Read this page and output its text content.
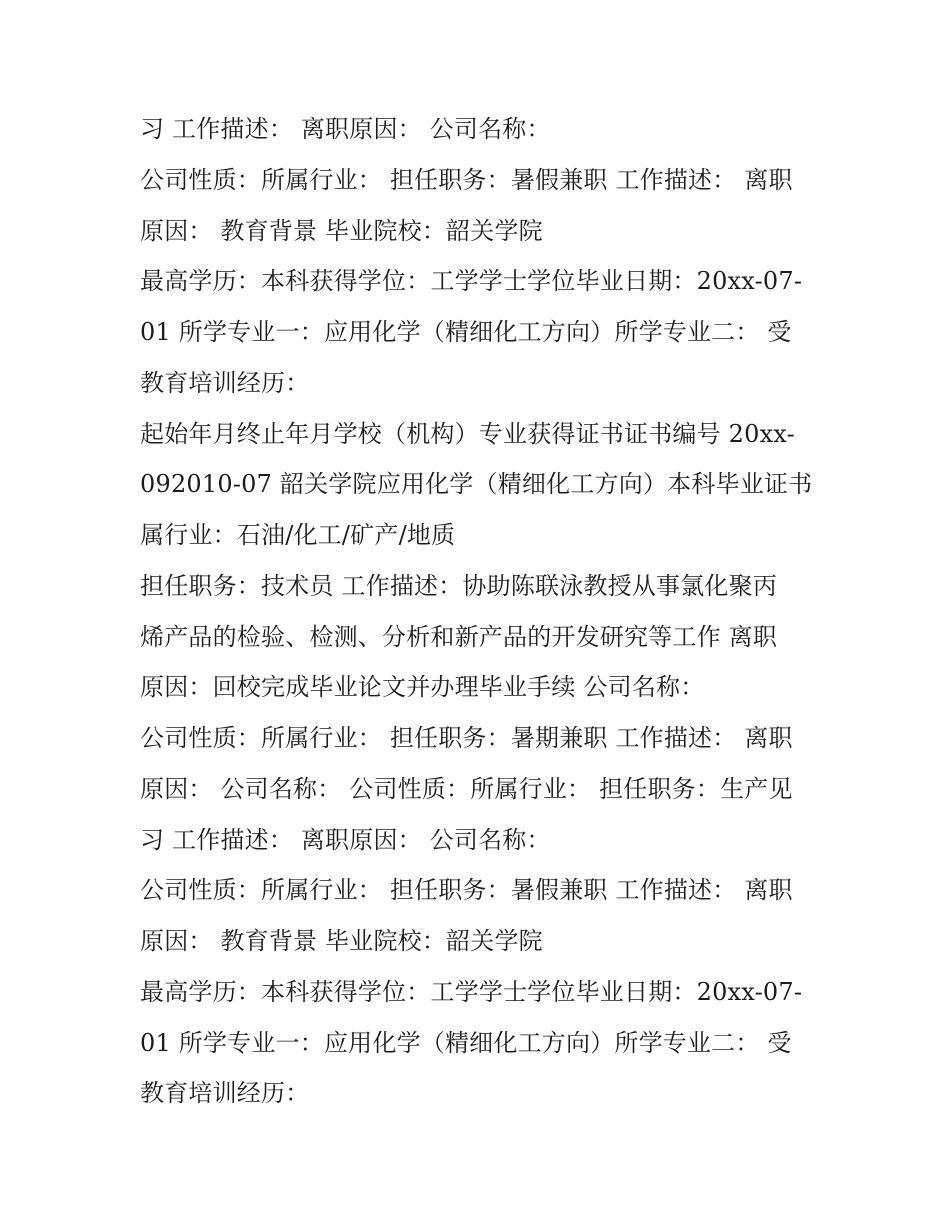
习 工作描述： 离职原因： 公司名称：
公司性质：所属行业： 担任职务：暑假兼职 工作描述： 离职
原因： 教育背景 毕业院校：韶关学院
最高学历：本科获得学位：工学学士学位毕业日期：20xx-07-
01 所学专业一：应用化学（精细化工方向）所学专业二： 受
教育培训经历：
起始年月终止年月学校（机构）专业获得证书证书编号 20xx-
092010-07 韶关学院应用化学（精细化工方向）本科毕业证书
属行业：石油/化工/矿产/地质
担任职务：技术员 工作描述：协助陈联泳教授从事氯化聚丙
烯产品的检验、检测、分析和新产品的开发研究等工作 离职
原因：回校完成毕业论文并办理毕业手续 公司名称：
公司性质：所属行业： 担任职务：暑期兼职 工作描述： 离职
原因： 公司名称： 公司性质：所属行业： 担任职务：生产见
习 工作描述： 离职原因： 公司名称：
公司性质：所属行业： 担任职务：暑假兼职 工作描述： 离职
原因： 教育背景 毕业院校：韶关学院
最高学历：本科获得学位：工学学士学位毕业日期：20xx-07-
01 所学专业一：应用化学（精细化工方向）所学专业二： 受
教育培训经历：
